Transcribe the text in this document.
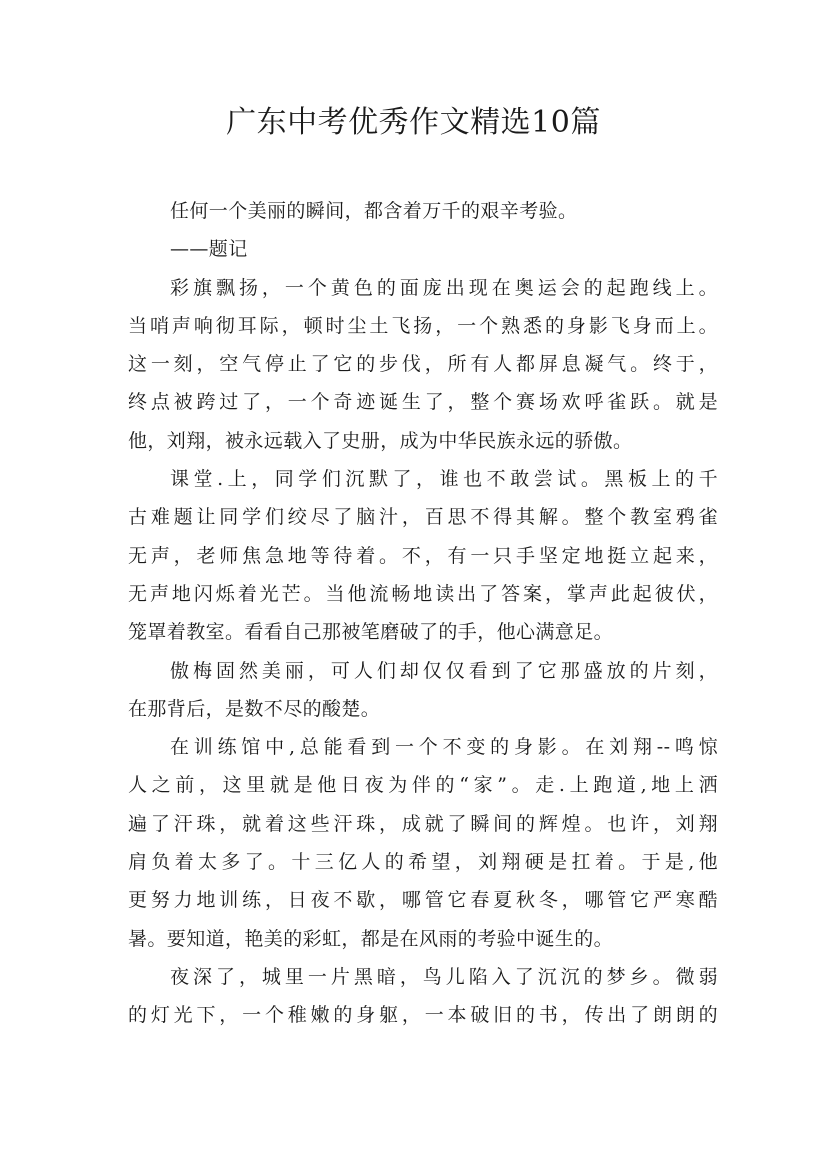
广东中考优秀作文精选10篇
任何一个美丽的瞬间，都含着万千的艰辛考验。
——题记
彩旗飘扬，一个黄色的面庞出现在奥运会的起跑线上。
当哨声响彻耳际，顿时尘土飞扬，一个熟悉的身影飞身而上。
这一刻，空气停止了它的步伐，所有人都屏息凝气。终于，
终点被跨过了，一个奇迹诞生了，整个赛场欢呼雀跃。就是
他，刘翔，被永远载入了史册，成为中华民族永远的骄傲。
课堂.上，同学们沉默了，谁也不敢尝试。黑板上的千
古难题让同学们绞尽了脑汁，百思不得其解。整个教室鸦雀
无声，老师焦急地等待着。不，有一只手坚定地挺立起来，
无声地闪烁着光芒。当他流畅地读出了答案，掌声此起彼伏，
笼罩着教室。看看自己那被笔磨破了的手，他心满意足。
傲梅固然美丽，可人们却仅仅看到了它那盛放的片刻，
在那背后，是数不尽的酸楚。
在训练馆中,总能看到一个不变的身影。在刘翔--鸣惊
人之前，这里就是他日夜为伴的“家”。走.上跑道,地上洒
遍了汗珠，就着这些汗珠，成就了瞬间的辉煌。也许，刘翔
肩负着太多了。十三亿人的希望，刘翔硬是扛着。于是,他
更努力地训练，日夜不歇，哪管它春夏秋冬，哪管它严寒酷
暑。要知道，艳美的彩虹，都是在风雨的考验中诞生的。
夜深了，城里一片黑暗，鸟儿陷入了沉沉的梦乡。微弱
的灯光下，一个稚嫩的身躯，一本破旧的书，传出了朗朗的
